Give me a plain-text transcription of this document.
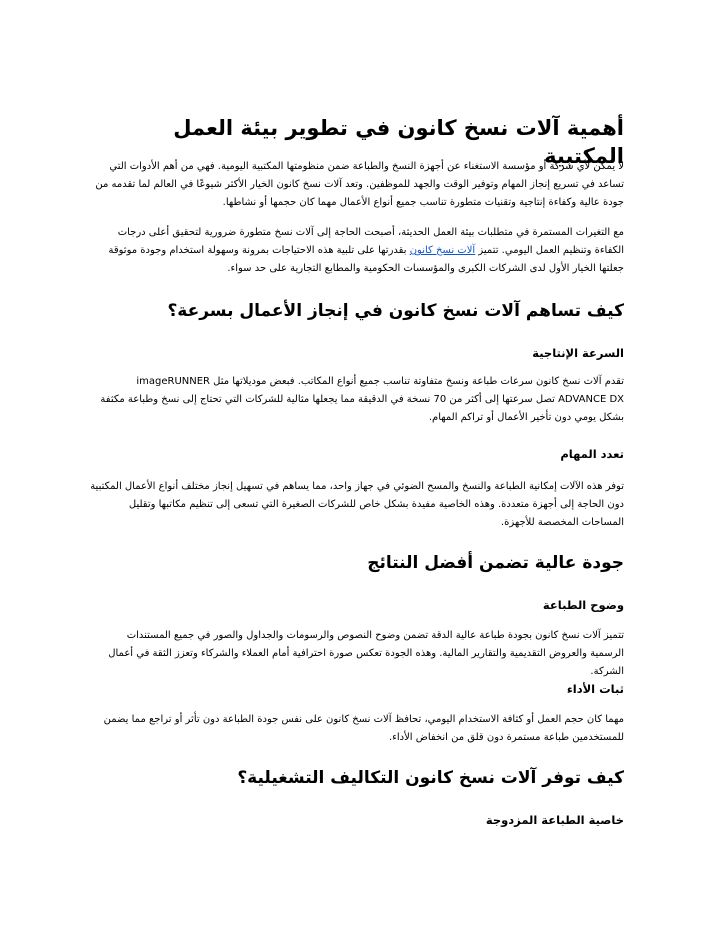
أهمية آلات نسخ كانون في تطوير بيئة العمل المكتبية
لا يمكن لأي شركة أو مؤسسة الاستغناء عن أجهزة النسخ والطباعة ضمن منظومتها المكتبية اليومية. فهي من أهم الأدوات التي تساعد في تسريع إنجاز المهام وتوفير الوقت والجهد للموظفين. وتعد آلات نسخ كانون الخيار الأكثر شيوعًا في العالم لما تقدمه من جودة عالية وكفاءة إنتاجية وتقنيات متطورة تناسب جميع أنواع الأعمال مهما كان حجمها أو نشاطها.
مع التغيرات المستمرة في متطلبات بيئة العمل الحديثة، أصبحت الحاجة إلى آلات نسخ متطورة ضرورية لتحقيق أعلى درجات الكفاءة وتنظيم العمل اليومي. تتميز آلات نسخ كانون بقدرتها على تلبية هذه الاحتياجات بمرونة وسهولة استخدام وجودة موثوقة جعلتها الخيار الأول لدى الشركات الكبرى والمؤسسات الحكومية والمطابع التجارية على حد سواء.
كيف تساهم آلات نسخ كانون في إنجاز الأعمال بسرعة؟
السرعة الإنتاجية
تقدم آلات نسخ كانون سرعات طباعة ونسخ متفاوتة تناسب جميع أنواع المكاتب. فبعض موديلاتها مثل imageRUNNER ADVANCE DX تصل سرعتها إلى أكثر من 70 نسخة في الدقيقة مما يجعلها مثالية للشركات التي تحتاج إلى نسخ وطباعة مكثفة بشكل يومي دون تأخير الأعمال أو تراكم المهام.
تعدد المهام
توفر هذه الآلات إمكانية الطباعة والنسخ والمسح الضوئي في جهاز واحد، مما يساهم في تسهيل إنجاز مختلف أنواع الأعمال المكتبية دون الحاجة إلى أجهزة متعددة. وهذه الخاصية مفيدة بشكل خاص للشركات الصغيرة التي تسعى إلى تنظيم مكاتبها وتقليل المساحات المخصصة للأجهزة.
جودة عالية تضمن أفضل النتائج
وضوح الطباعة
تتميز آلات نسخ كانون بجودة طباعة عالية الدقة تضمن وضوح النصوص والرسومات والجداول والصور في جميع المستندات الرسمية والعروض التقديمية والتقارير المالية. وهذه الجودة تعكس صورة احترافية أمام العملاء والشركاء وتعزز الثقة في أعمال الشركة.
ثبات الأداء
مهما كان حجم العمل أو كثافة الاستخدام اليومي، تحافظ آلات نسخ كانون على نفس جودة الطباعة دون تأثر أو تراجع مما يضمن للمستخدمين طباعة مستمرة دون قلق من انخفاض الأداء.
كيف توفر آلات نسخ كانون التكاليف التشغيلية؟
خاصية الطباعة المزدوجة
